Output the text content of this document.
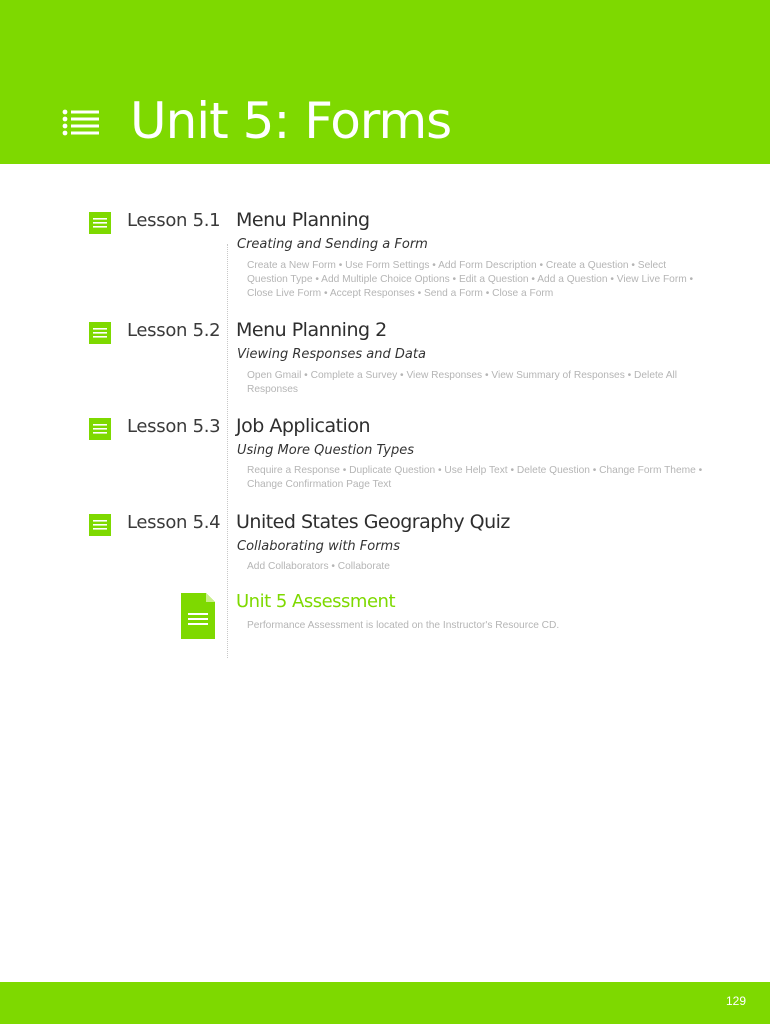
Unit 5: Forms
Lesson 5.1 Menu Planning
Creating and Sending a Form
Create a New Form • Use Form Settings • Add Form Description • Create a Question • Select Question Type • Add Multiple Choice Options • Edit a Question • Add a Question • View Live Form • Close Live Form • Accept Responses • Send a Form • Close a Form
Lesson 5.2 Menu Planning 2
Viewing Responses and Data
Open Gmail • Complete a Survey • View Responses • View Summary of Responses • Delete All Responses
Lesson 5.3 Job Application
Using More Question Types
Require a Response • Duplicate Question • Use Help Text • Delete Question • Change Form Theme • Change Confirmation Page Text
Lesson 5.4 United States Geography Quiz
Collaborating with Forms
Add Collaborators • Collaborate
Unit 5 Assessment
Performance Assessment is located on the Instructor's Resource CD.
129
